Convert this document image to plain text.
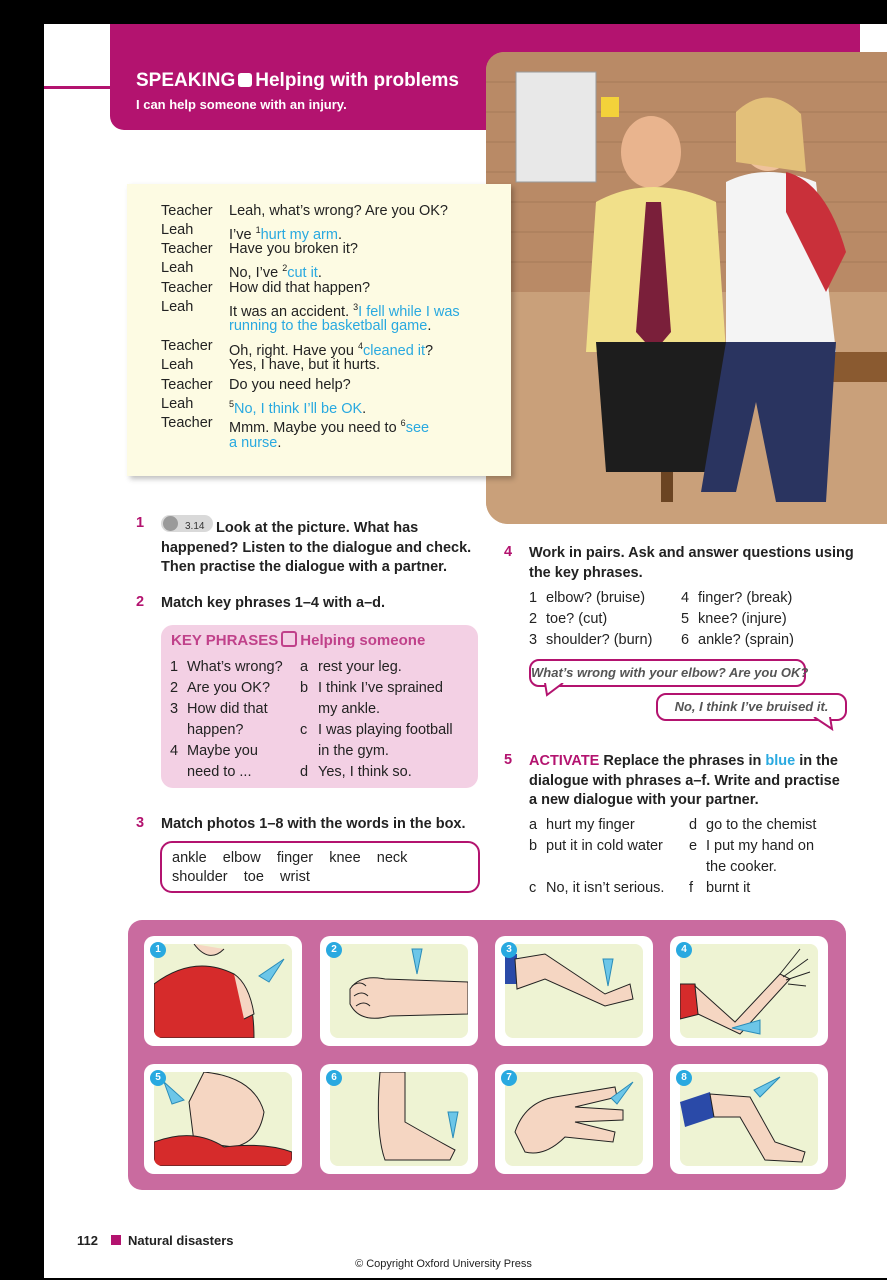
SPEAKING Helping with problems
I can help someone with an injury.
Teacher	Leah, what’s wrong? Are you OK?
Leah	I’ve $^1$hurt my arm.
Teacher	Have you broken it?
Leah	No, I’ve $^2$cut it.
Teacher	How did that happen?
Leah	It was an accident. $^3$I fell while I was
running to the basketball game.
Teacher	Oh, right. Have you $^4$cleaned it?
Leah	Yes, I have, but it hurts.
Teacher	Do you need help?
Leah	$^5$No, I think I’ll be OK.
Teacher	Mmm. Maybe you need to $^6$see
a nurse.
1	3.14 Look at the picture. What has
happened? Listen to the dialogue and check.
Then practise the dialogue with a partner.
2 Match key phrases 1–4 with a–d.
KEY PHRASES Helping someone
1 What’s wrong?
2 Are you OK?
3 How did that
happen?
4 Maybe you
need to ...
a rest your leg.
b I think I’ve sprained
my ankle.
c I was playing football
in the gym.
d Yes, I think so.
3 Match photos 1–8 with the words in the box.
ankle elbow finger knee neck
shoulder toe wrist
4 Work in pairs. Ask and answer questions using
the key phrases.
1 elbow? (bruise) 4 finger? (break)
2 toe? (cut)	5 knee? (injure)
3 shoulder? (burn) 6 ankle? (sprain)
What’s wrong with your elbow? Are you OK?
No, I think I’ve bruised it.
5 ACTIVATE Replace the phrases in blue in the
dialogue with phrases a–f. Write and practise
a new dialogue with your partner.
a hurt my finger	d go to the chemist
b put it in cold water e I put my hand on
the cooker.
c No, it isn’t serious. f burnt it
1	2	3	4
5	6	7	8
112 Natural disasters
© Copyright Oxford University Press
